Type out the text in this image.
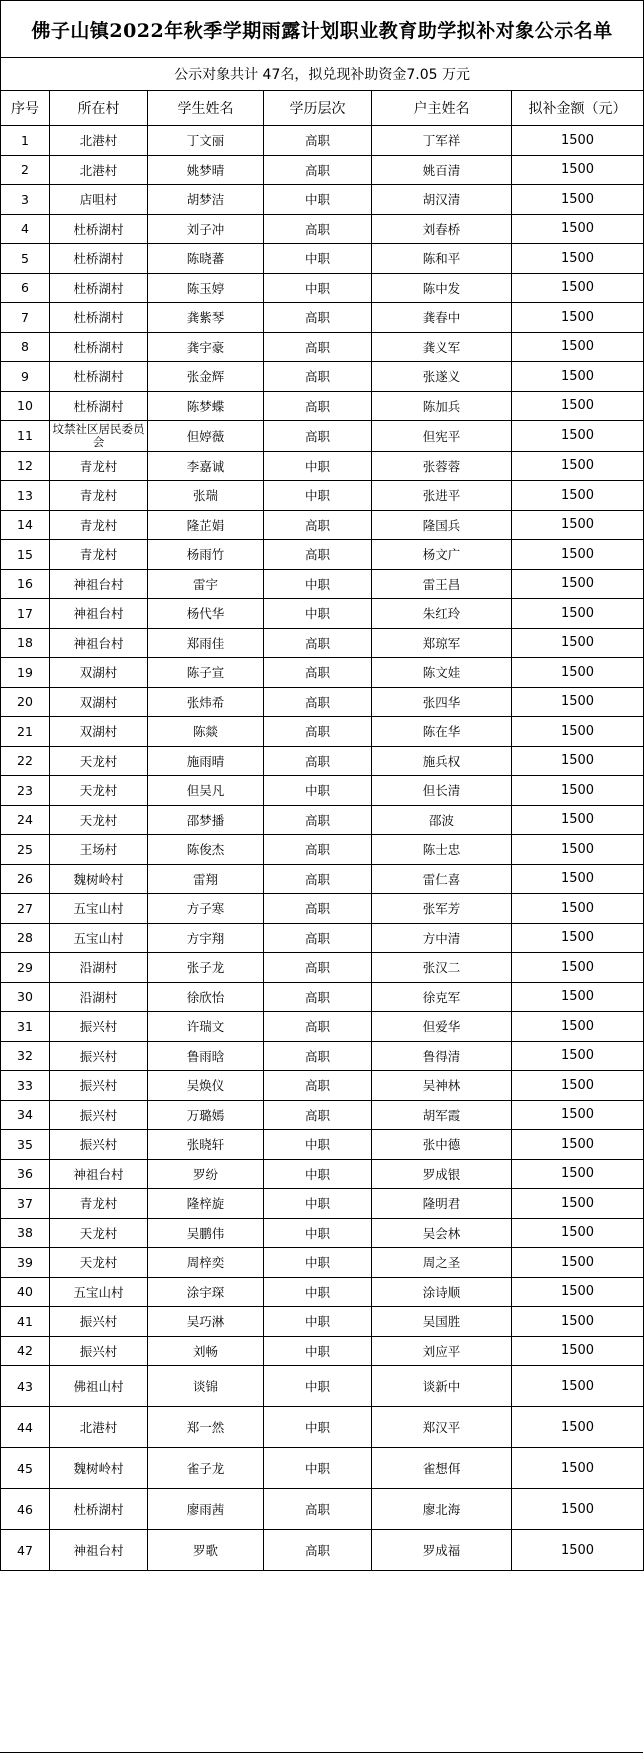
佛子山镇2022年秋季学期雨露计划职业教育助学拟补对象公示名单					
公示对象共计 47名，拟兑现补助资金7.05 万元					
序号	所在村	学生姓名	学历层次	户主姓名	拟补金额（元）
1	北港村	丁文丽	高职	丁军祥	1500
2	北港村	姚梦晴	高职	姚百清	1500
3	店咀村	胡梦洁	中职	胡汉清	1500
4	杜桥湖村	刘子冲	高职	刘春桥	1500
5	杜桥湖村	陈晓蕃	中职	陈和平	1500
6	杜桥湖村	陈玉婷	中职	陈中发	1500
7	杜桥湖村	龚紫琴	高职	龚春中	1500
8	杜桥湖村	龚宇豪	高职	龚义军	1500
9	杜桥湖村	张金辉	高职	张遂义	1500
10	杜桥湖村	陈梦蝶	高职	陈加兵	1500
11	坟禁社区居民委员会	但婷薇	高职	但宪平	1500
12	青龙村	李嘉诚	中职	张蓉蓉	1500
13	青龙村	张瑞	中职	张进平	1500
14	青龙村	隆芷娟	高职	隆国兵	1500
15	青龙村	杨雨竹	高职	杨文广	1500
16	神祖台村	雷宇	中职	雷王昌	1500
17	神祖台村	杨代华	中职	朱红玲	1500
18	神祖台村	郑雨佳	高职	郑琼军	1500
19	双湖村	陈子宣	高职	陈文娃	1500
20	双湖村	张炜希	高职	张四华	1500
21	双湖村	陈燚	高职	陈在华	1500
22	天龙村	施雨晴	高职	施兵权	1500
23	天龙村	但吴凡	中职	但长清	1500
24	天龙村	邵梦播	高职	邵波	1500
25	王场村	陈俊杰	高职	陈士忠	1500
26	魏树岭村	雷翔	高职	雷仁喜	1500
27	五宝山村	方子寒	高职	张军芳	1500
28	五宝山村	方宇翔	高职	方中清	1500
29	沿湖村	张子龙	高职	张汉二	1500
30	沿湖村	徐欣怡	高职	徐克军	1500
31	振兴村	许瑞文	高职	但爱华	1500
32	振兴村	鲁雨晗	高职	鲁得清	1500
33	振兴村	吴焕仪	高职	吴神林	1500
34	振兴村	万璐嫣	高职	胡军霞	1500
35	振兴村	张晓轩	中职	张中德	1500
36	神祖台村	罗纷	中职	罗成银	1500
37	青龙村	隆梓旋	中职	隆明君	1500
38	天龙村	吴鹏伟	中职	吴会林	1500
39	天龙村	周梓奕	中职	周之圣	1500
40	五宝山村	涂宇琛	中职	涂诗顺	1500
41	振兴村	吴巧淋	中职	吴国胜	1500
42	振兴村	刘畅	中职	刘应平	1500
43	佛祖山村	谈锦	中职	谈新中	1500
44	北港村	郑一然	中职	郑汉平	1500
45	魏树岭村	雀子龙	中职	雀想佴	1500
46	杜桥湖村	廖雨茜	高职	廖北海	1500
47	神祖台村	罗歌	高职	罗成福	1500
